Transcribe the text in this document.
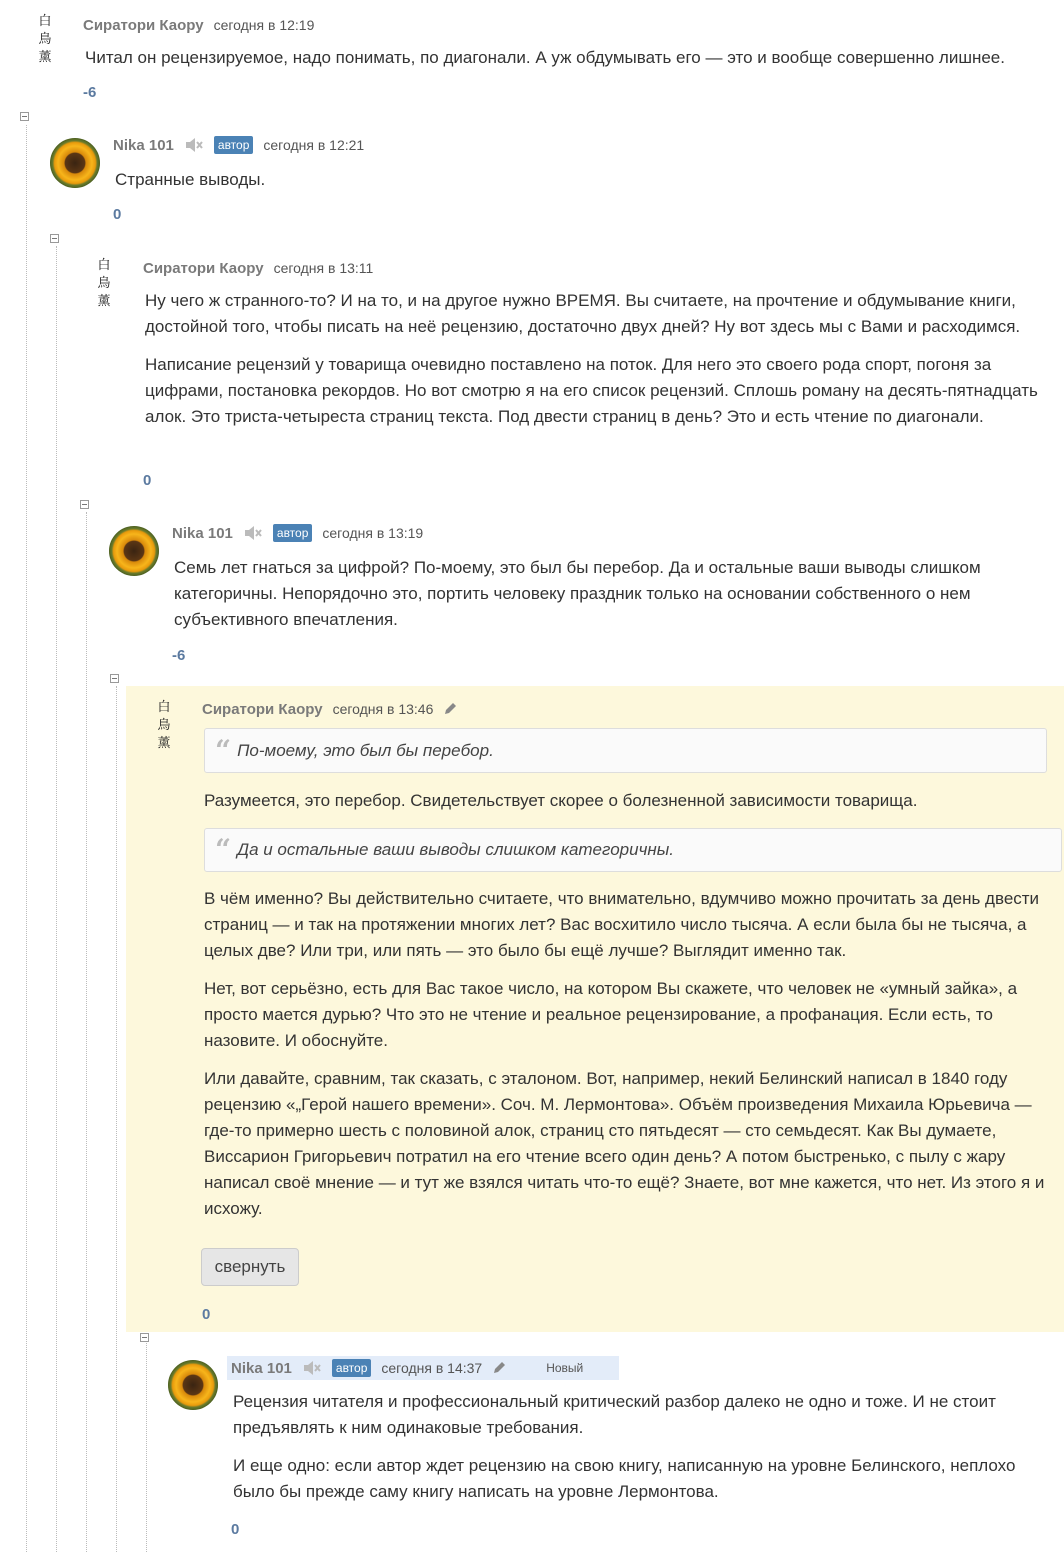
白
鳥
薰
Сиратори Каору сегодня в 12:19

Читал он рецензируемое, надо понимать, по диагонали. А уж обдумывать его — это и вообще совершенно лишнее.

-6
Nika 101	автор сегодня в 12:21

Странные выводы.

0
白
鳥
薰
Сиратори Каору сегодня в 13:11

Ну чего ж странного-то? И на то, и на другое нужно ВРЕМЯ. Вы считаете, на прочтение и обдумывание книги, достойной того, чтобы писать на неё рецензию, достаточно двух дней? Ну вот здесь мы с Вами и расходимся.

Написание рецензий у товарища очевидно поставлено на поток. Для него это своего рода спорт, погоня за цифрами, постановка рекордов. Но вот смотрю я на его список рецензий. Сплошь роману на десять-пятнадцать алок. Это триста-четыреста страниц текста. Под двести страниц в день? Это и есть чтение по диагонали.

0
Nika 101	автор сегодня в 13:19

Семь лет гнаться за цифрой? По-моему, это был бы перебор. Да и остальные ваши выводы слишком категоричны. Непорядочно это, портить человеку праздник только на основании собственного о нем субъективного впечатления.

-6
白
鳥
薰
Сиратори Каору сегодня в 13:46
“ По-моему, это был бы перебор.

Разумеется, это перебор. Свидетельствует скорее о болезненной зависимости товарища.

“ Да и остальные ваши выводы слишком категоричны.

В чём именно? Вы действительно считаете, что внимательно, вдумчиво можно прочитать за день двести страниц — и так на протяжении многих лет? Вас восхитило число тысяча. А если была бы не тысяча, а целых две? Или три, или пять — это было бы ещё лучше? Выглядит именно так.

Нет, вот серьёзно, есть для Вас такое число, на котором Вы скажете, что человек не «умный зайка», а просто мается дурью? Что это не чтение и реальное рецензирование, а профанация. Если есть, то назовите. И обоснуйте.

Или давайте, сравним, так сказать, с эталоном. Вот, например, некий Белинский написал в 1840 году рецензию «„Герой нашего времени». Соч. М. Лермонтова». Объём произведения Михаила Юрьевича — где-то примерно шесть с половиной алок, страниц сто пятьдесят — сто семьдесят. Как Вы думаете, Виссарион Григорьевич потратил на его чтение всего один день? А потом быстренько, с пылу с жару написал своё мнение — и тут же взялся читать что-то ещё? Знаете, вот мне кажется, что нет. Из этого я и исхожу.

свернуть
0
Nika 101	автор сегодня в 14:37	Новый

Рецензия читателя и профессиональный критический разбор далеко не одно и тоже. И не стоит предъявлять к ним одинаковые требования.

И еще одно: если автор ждет рецензию на свою книгу, написанную на уровне Белинского, неплохо было бы прежде саму книгу написать на уровне Лермонтова.

0
